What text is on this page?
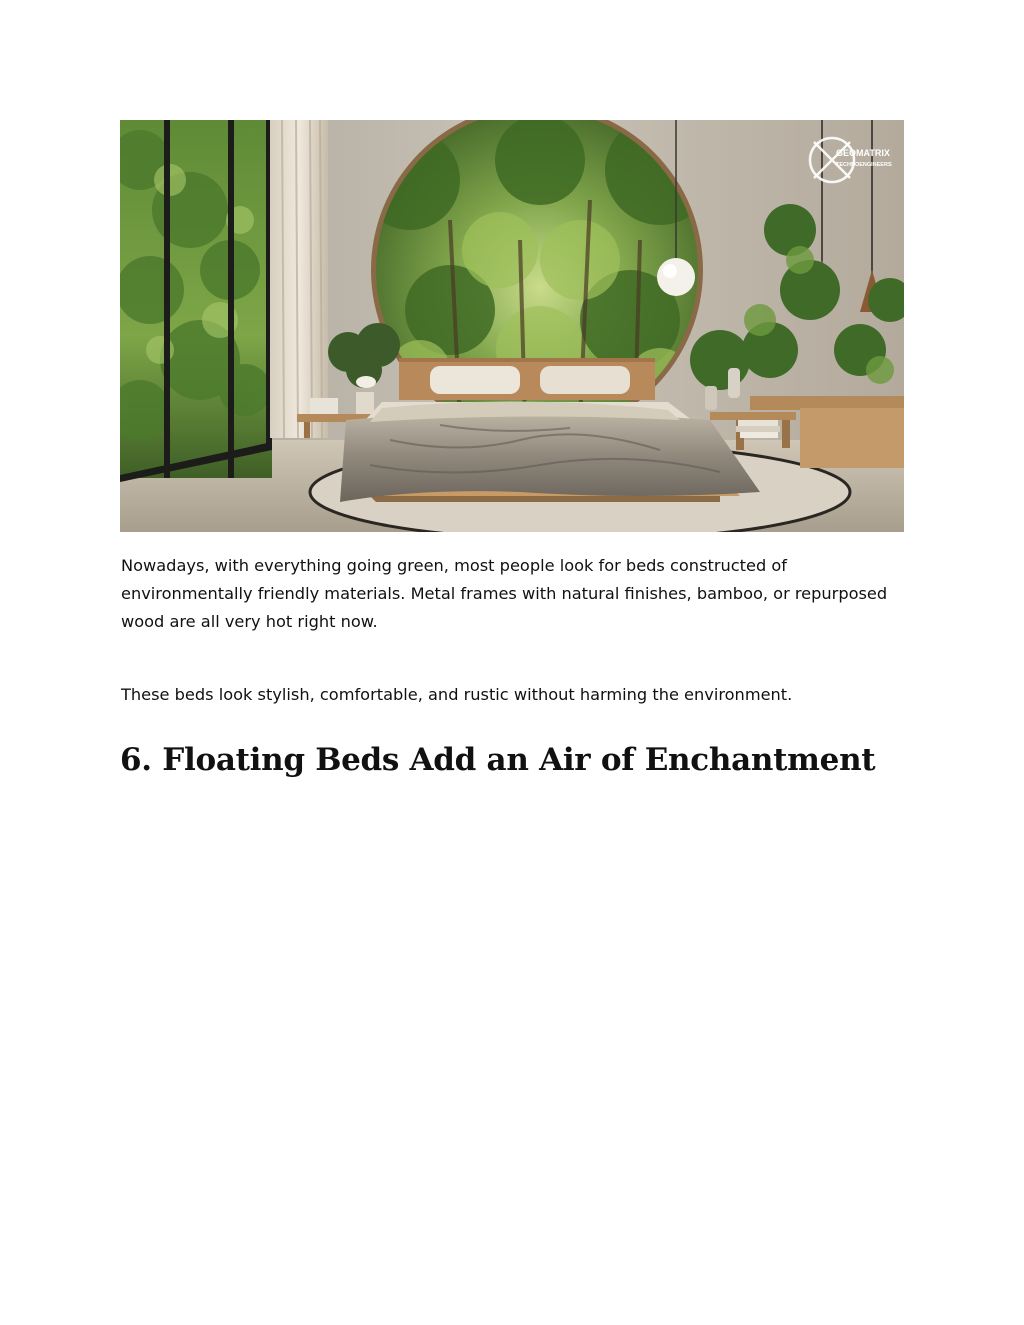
GEOMATRIX
TECHNOENGINEERS

Nowadays, with everything going green, most people look for beds constructed of environmentally friendly materials. Metal frames with natural finishes, bamboo, or repurposed wood are all very hot right now.

These beds look stylish, comfortable, and rustic without harming the environment.

6. Floating Beds Add an Air of Enchantment
